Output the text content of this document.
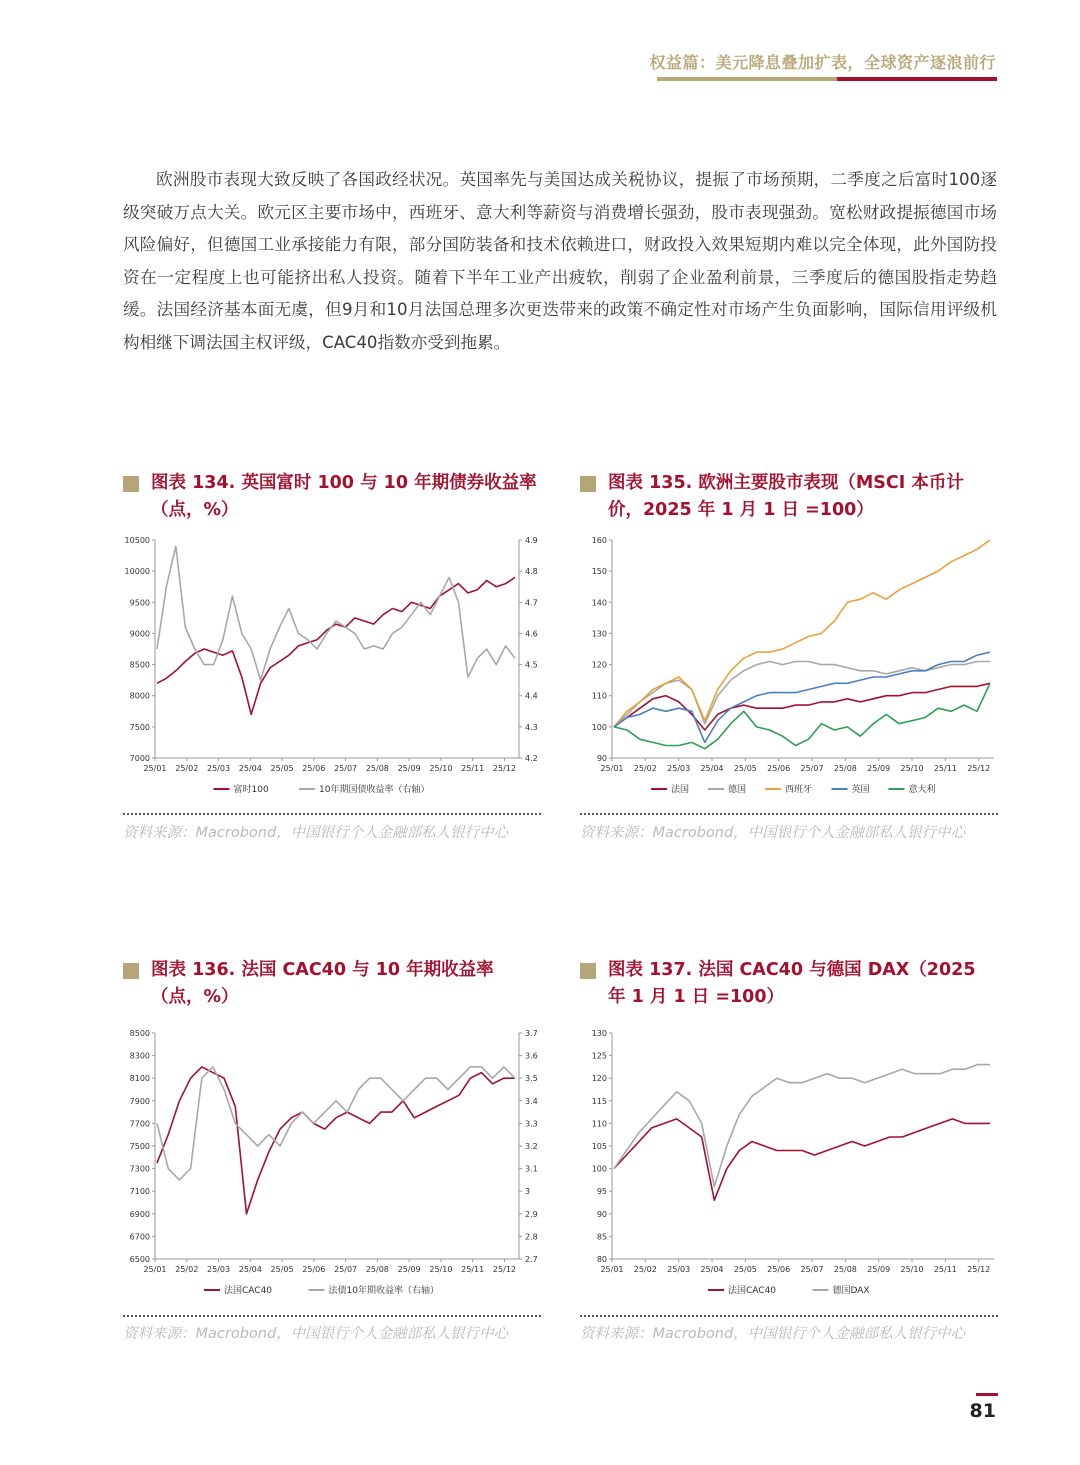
权益篇：美元降息叠加扩表，全球资产逐浪前行

欧洲股市表现大致反映了各国政经状况。英国率先与美国达成关税协议，提振了市场预期，二季度之后富时100逐级突破万点大关。欧元区主要市场中，西班牙、意大利等薪资与消费增长强劲，股市表现强劲。宽松财政提振德国市场风险偏好，但德国工业承接能力有限，部分国防装备和技术依赖进口，财政投入效果短期内难以完全体现，此外国防投资在一定程度上也可能挤出私人投资。随着下半年工业产出疲软，削弱了企业盈利前景，三季度后的德国股指走势趋缓。法国经济基本面无虞，但9月和10月法国总理多次更迭带来的政策不确定性对市场产生负面影响，国际信用评级机构相继下调法国主权评级，CAC40指数亦受到拖累。

图表 134. 英国富时 100 与 10 年期债券收益率（点，%）
10500
10000
9500
9000
8500
8000
7500
7000
4.9
4.8
4.7
4.6
4.5
4.4
4.3
4.2
25/01 25/02 25/03 25/04 25/05 25/06 25/07 25/08 25/09 25/10 25/11 25/12
富时100	10年期国债收益率（右轴）

资料来源：Macrobond，中国银行个人金融部私人银行中心

图表 135. 欧洲主要股市表现（MSCI 本币计价，2025 年 1 月 1 日 =100）
160
150
140
130
120
110
100
90
25/01 25/02 25/03 25/04 25/05 25/06 25/07 25/08 25/09 25/10 25/11 25/12
法国	德国	西班牙	英国	意大利

资料来源：Macrobond，中国银行个人金融部私人银行中心

图表 136. 法国 CAC40 与 10 年期收益率（点，%）
8500
8300
8100
7900
7700
7500
7300
7100
6900
6700
6500
3.7
3.6
3.5
3.4
3.3
3.2
3.1
3
2.9
2.8
2.7
25/01 25/02 25/03 25/04 25/05 25/06 25/07 25/08 25/09 25/10 25/11 25/12
法国CAC40	法债10年期收益率（右轴）

资料来源：Macrobond，中国银行个人金融部私人银行中心

图表 137. 法国 CAC40 与德国 DAX（2025 年 1 月 1 日 =100）
130
125
120
115
110
105
100
95
90
85
80
25/01 25/02 25/03 25/04 25/05 25/06 25/07 25/08 25/09 25/10 25/11 25/12
法国CAC40	德国DAX

资料来源：Macrobond，中国银行个人金融部私人银行中心

81
